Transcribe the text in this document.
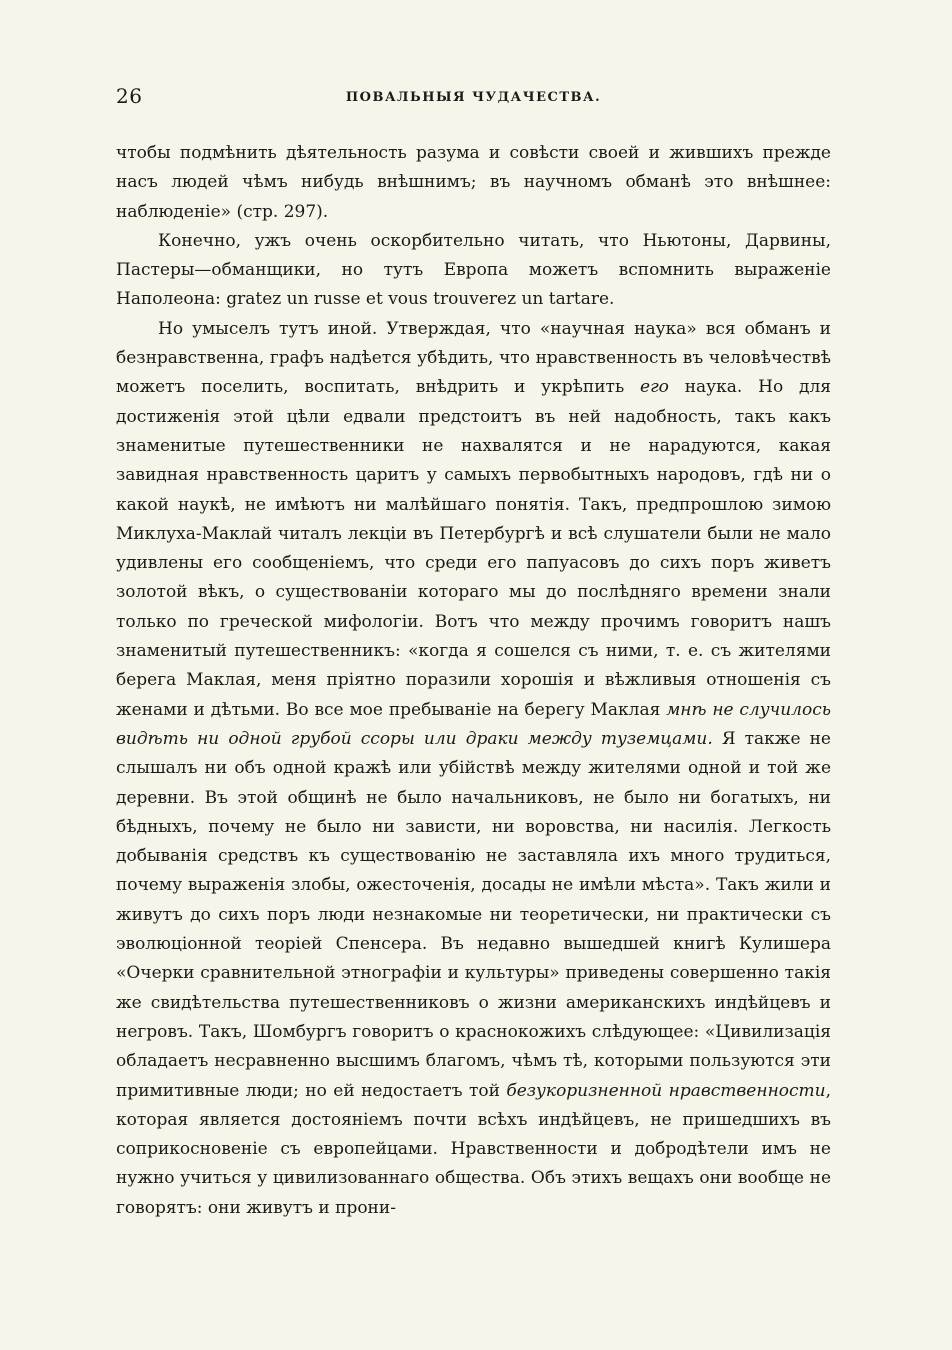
26	ПОВАЛЬНЫЯ ЧУДАЧЕСТВА.

чтобы подмѣнить дѣятельность разума и совѣсти своей и жившихъ прежде насъ людей чѣмъ нибудь внѣшнимъ; въ научномъ обманѣ это внѣшнее: наблюденіе» (стр. 297).

Конечно, ужъ очень оскорбительно читать, что Ньютоны, Дарвины, Пастеры—обманщики, но тутъ Европа можетъ вспомнить выраженіе Наполеона: gratez un russe et vous trouverez un tartare.

Но умыселъ тутъ иной. Утверждая, что «научная наука» вся обманъ и безнравственна, графъ надѣется убѣдить, что нравственность въ человѣчествѣ можетъ поселить, воспитать, внѣдрить и укрѣпить его наука. Но для достиженія этой цѣли едвали предстоитъ въ ней надобность, такъ какъ знаменитые путешественники не нахвалятся и не нарадуются, какая завидная нравственность царитъ у самыхъ первобытныхъ народовъ, гдѣ ни о какой наукѣ, не имѣютъ ни малѣйшаго понятія. Такъ, предпрошлою зимою Миклуха-Маклай читалъ лекціи въ Петербургѣ и всѣ слушатели были не мало удивлены его сообщеніемъ, что среди его папуасовъ до сихъ поръ живетъ золотой вѣкъ, о существованіи котораго мы до послѣдняго времени знали только по греческой мифологіи. Вотъ что между прочимъ говоритъ нашъ знаменитый путешественникъ: «когда я сошелся съ ними, т. е. съ жителями берега Маклая, меня пріятно поразили хорошія и вѣжливыя отношенія съ женами и дѣтьми. Во все мое пребываніе на берегу Маклая мнѣ не случилось видѣть ни одной грубой ссоры или драки между туземцами. Я также не слышалъ ни объ одной кражѣ или убійствѣ между жителями одной и той же деревни. Въ этой общинѣ не было начальниковъ, не было ни богатыхъ, ни бѣдныхъ, почему не было ни зависти, ни воровства, ни насилія. Легкость добыванія средствъ къ существованію не заставляла ихъ много трудиться, почему выраженія злобы, ожесточенія, досады не имѣли мѣста». Такъ жили и живутъ до сихъ поръ люди незнакомые ни теоретически, ни практически съ эволюціонной теоріей Спенсера. Въ недавно вышедшей книгѣ Кулишера «Очерки сравнительной этнографіи и культуры» приведены совершенно такія же свидѣтельства путешественниковъ о жизни американскихъ индѣйцевъ и негровъ. Такъ, Шомбургъ говоритъ о краснокожихъ слѣдующее: «Цивилизація обладаетъ несравненно высшимъ благомъ, чѣмъ тѣ, которыми пользуются эти примитивные люди; но ей недостаетъ той безукоризненной нравственности, которая является достояніемъ почти всѣхъ индѣйцевъ, не пришедшихъ въ соприкосновеніе съ европейцами. Нравственности и добродѣтели имъ не нужно учиться у цивилизованнаго общества. Объ этихъ вещахъ они вообще не говорятъ: они живутъ и прони-
